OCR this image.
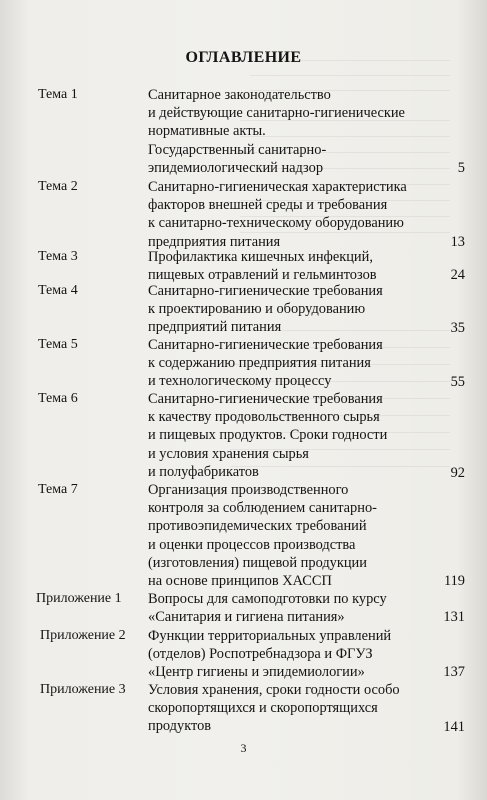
ОГЛАВЛЕНИЕ
Тема 1	Санитарное законодательство
и действующие санитарно-гигиенические
нормативные акты.
Государственный санитарно-
эпидемиологический надзор	5
Тема 2	Санитарно-гигиеническая характеристика
факторов внешней среды и требования
к санитарно-техническому оборудованию
предприятия питания	13
Тема 3	Профилактика кишечных инфекций,
пищевых отравлений и гельминтозов	24
Тема 4	Санитарно-гигиенические требования
к проектированию и оборудованию
предприятий питания	35
Тема 5	Санитарно-гигиенические требования
к содержанию предприятия питания
и технологическому процессу	55
Тема 6	Санитарно-гигиенические требования
к качеству продовольственного сырья
и пищевых продуктов. Сроки годности
и условия хранения сырья
и полуфабрикатов	92
Тема 7	Организация производственного
контроля за соблюдением санитарно-
противоэпидемических требований
и оценки процессов производства
(изготовления) пищевой продукции
на основе принципов ХАССП	119
Приложение 1 Вопросы для самоподготовки по курсу
«Санитария и гигиена питания»	131
Приложение 2 Функции территориальных управлений
(отделов) Роспотребнадзора и ФГУЗ
«Центр гигиены и эпидемиологии»	137
Приложение 3 Условия хранения, сроки годности особо
скоропортящихся и скоропортящихся
продуктов	141
3
